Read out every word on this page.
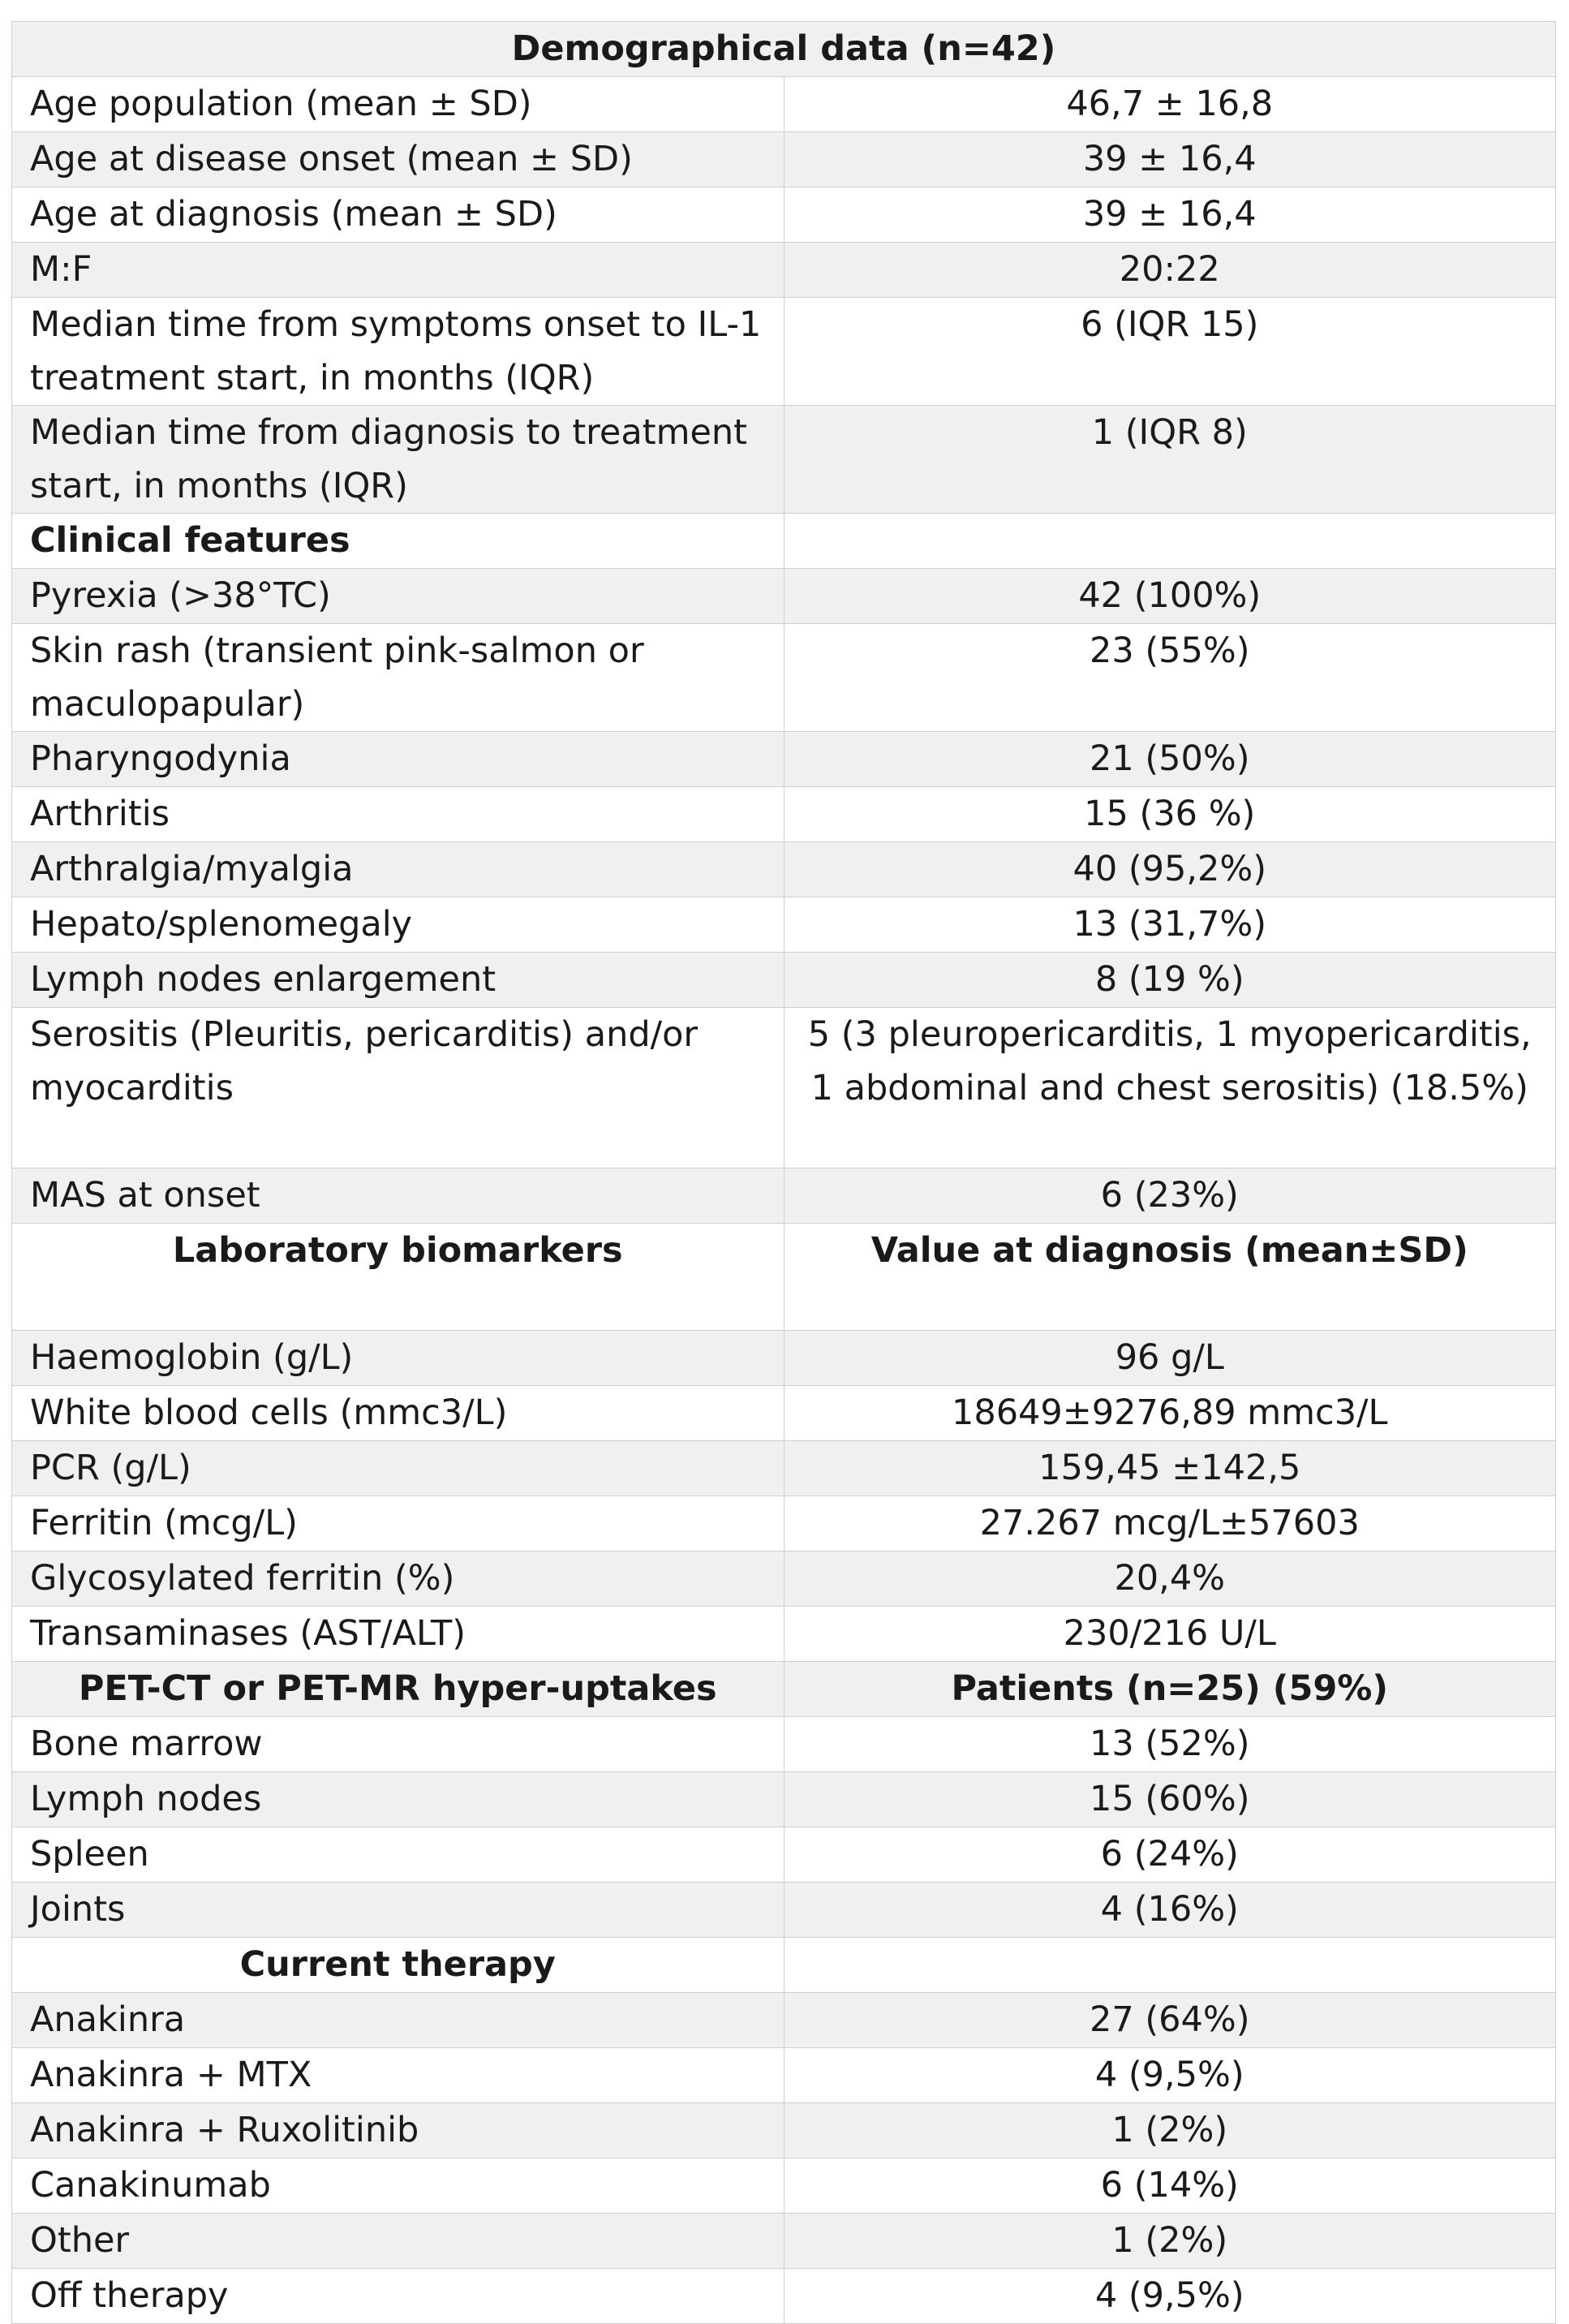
Demographical data (n=42)	
Age population (mean ± SD)	46,7 ± 16,8
Age at disease onset (mean ± SD)	39 ± 16,4
Age at diagnosis (mean ± SD)	39 ± 16,4
M:F	20:22
Median time from symptoms onset to IL-1 treatment start, in months (IQR)	6 (IQR 15)
Median time from diagnosis to treatment start, in months (IQR)	1 (IQR 8)
Clinical features	
Pyrexia (>38°TC)	42 (100%)
Skin rash (transient pink-salmon or maculopapular)	23 (55%)
Pharyngodynia	21 (50%)
Arthritis	15 (36 %)
Arthralgia/myalgia	40 (95,2%)
Hepato/splenomegaly	13 (31,7%)
Lymph nodes enlargement	8 (19 %)
Serositis (Pleuritis, pericarditis) and/or myocarditis	5 (3 pleuropericarditis, 1 myopericarditis, 1 abdominal and chest serositis) (18.5%)
MAS at onset	6 (23%)
Laboratory biomarkers	Value at diagnosis (mean±SD)
Haemoglobin (g/L)	96 g/L
White blood cells (mmc3/L)	18649±9276,89 mmc3/L
PCR (g/L)	159,45 ±142,5
Ferritin (mcg/L)	27.267 mcg/L±57603
Glycosylated ferritin (%)	20,4%
Transaminases (AST/ALT)	230/216 U/L
PET-CT or PET-MR hyper-uptakes	Patients (n=25) (59%)
Bone marrow	13 (52%)
Lymph nodes	15 (60%)
Spleen	6 (24%)
Joints	4 (16%)
Current therapy	
Anakinra	27 (64%)
Anakinra + MTX	4 (9,5%)
Anakinra + Ruxolitinib	1 (2%)
Canakinumab	6 (14%)
Other	1 (2%)
Off therapy	4 (9,5%)
